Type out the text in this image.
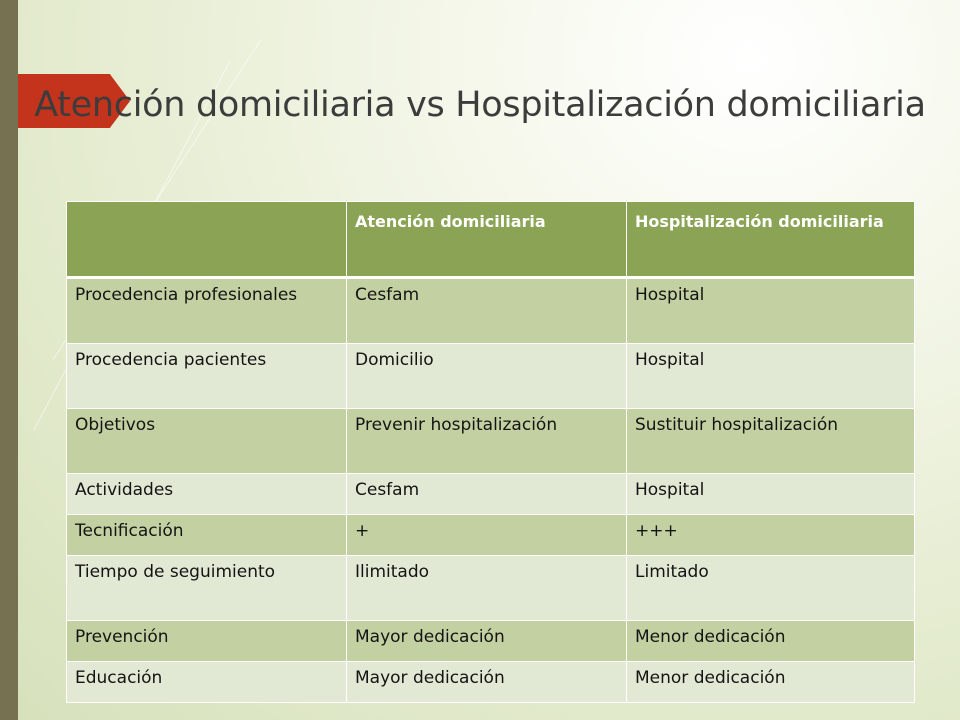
Atención domiciliaria vs Hospitalización domiciliaria
	Atención domiciliaria	Hospitalización domiciliaria
Procedencia profesionales	Cesfam	Hospital
Procedencia pacientes	Domicilio	Hospital
Objetivos	Prevenir hospitalización	Sustituir hospitalización
Actividades	Cesfam	Hospital
Tecnificación	+	+++
Tiempo de seguimiento	Ilimitado	Limitado
Prevención	Mayor dedicación	Menor dedicación
Educación	Mayor dedicación	Menor dedicación
